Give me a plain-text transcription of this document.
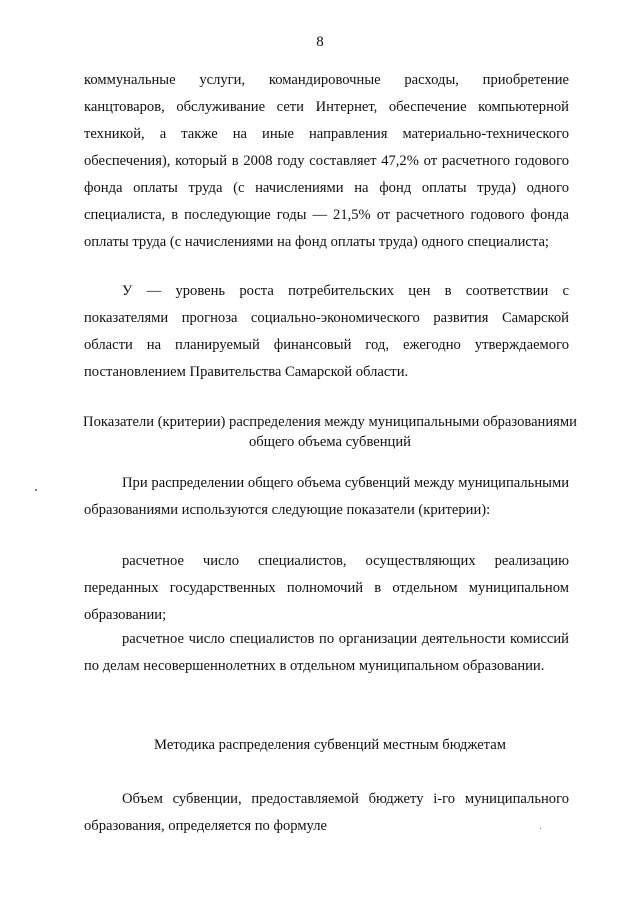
8
коммунальные услуги, командировочные расходы, приобретение канцтоваров, обслуживание сети Интернет, обеспечение компьютерной техникой, а также на иные направления материально-технического обеспечения), который в 2008 году составляет 47,2% от расчетного годового фонда оплаты труда (с начислениями на фонд оплаты труда) одного специалиста, в последующие годы — 21,5% от расчетного годового фонда оплаты труда (с начислениями на фонд оплаты труда) одного специалиста;
У — уровень роста потребительских цен в соответствии с показателями прогноза социально-экономического развития Самарской области на планируемый финансовый год, ежегодно утверждаемого постановлением Правительства Самарской области.
Показатели (критерии) распределения между муниципальными образованиями общего объема субвенций
При распределении общего объема субвенций между муниципальными образованиями используются следующие показатели (критерии):
расчетное число специалистов, осуществляющих реализацию переданных государственных полномочий в отдельном муниципальном образовании;
расчетное число специалистов по организации деятельности комиссий по делам несовершеннолетних в отдельном муниципальном образовании.
Методика распределения субвенций местным бюджетам
Объем субвенции, предоставляемой бюджету i-го муниципального образования, определяется по формуле
